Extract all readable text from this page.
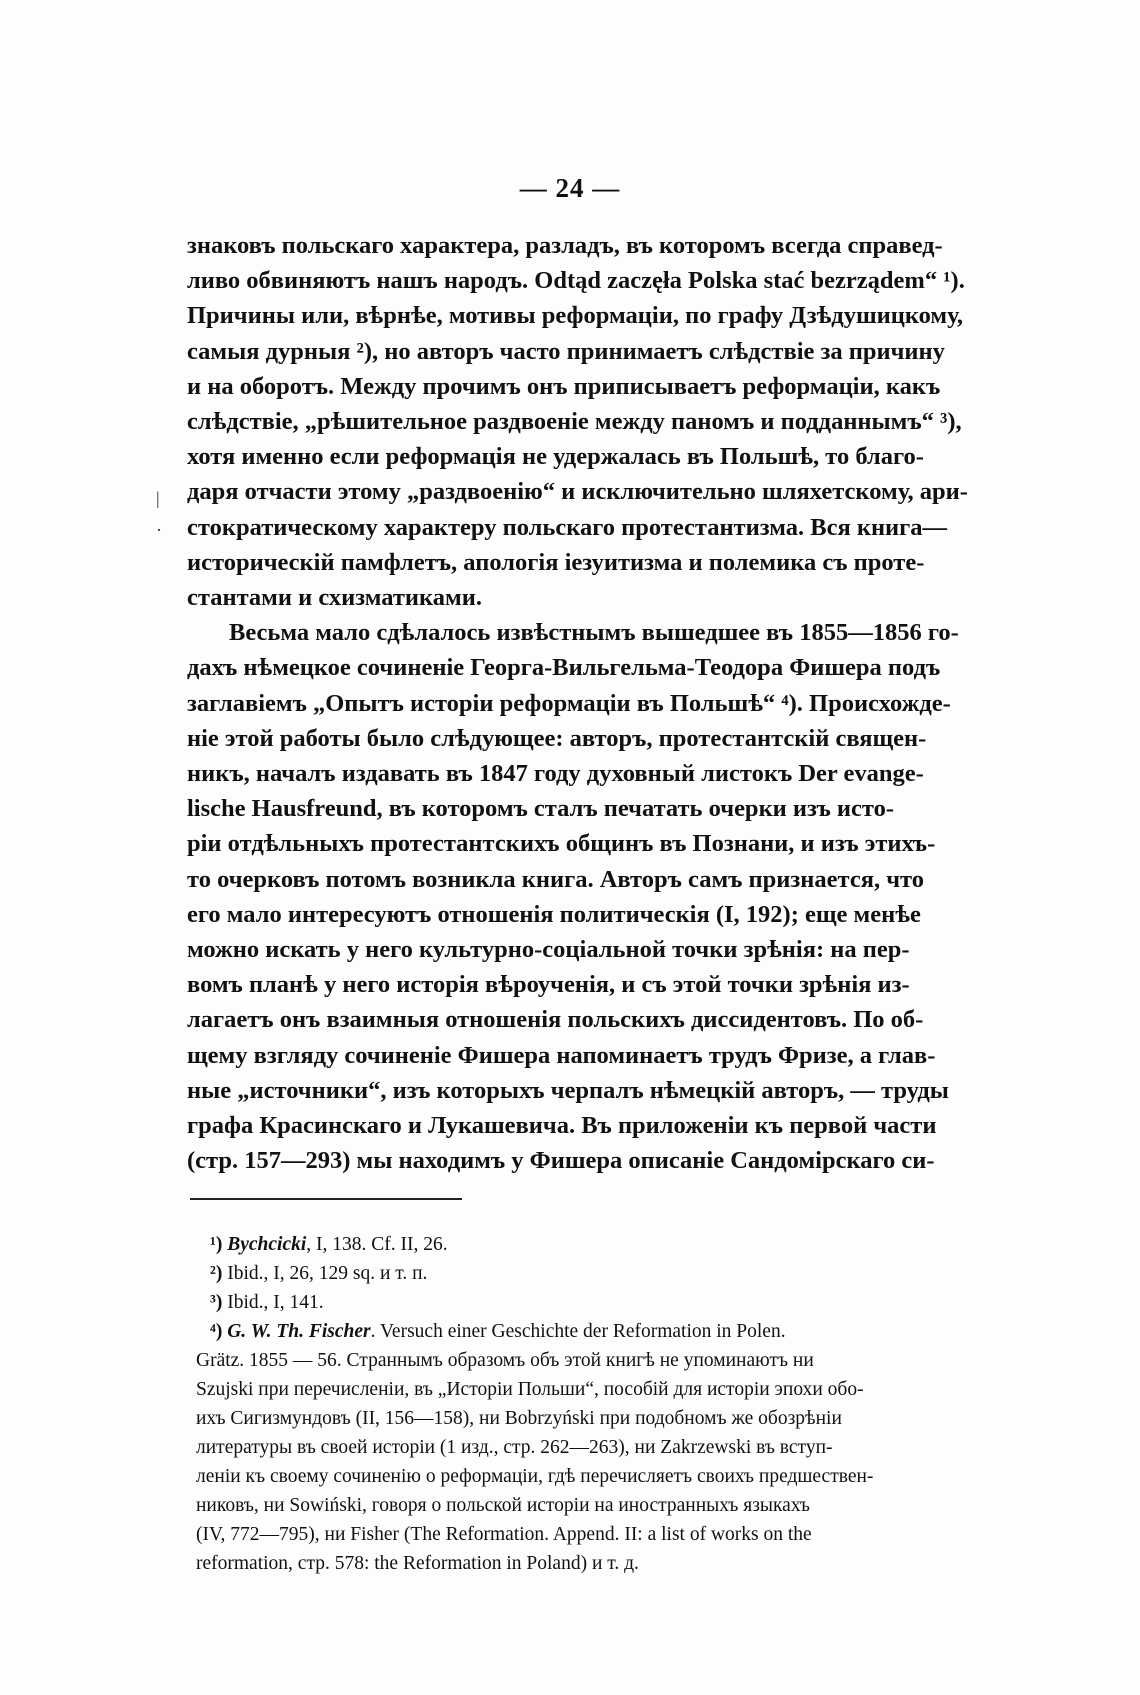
— 24 —
|
·

знаковъ польскаго характера, разладъ, въ которомъ всегда справед-
ливо обвиняютъ нашъ народъ. Odtąd zaczęła Polska stać bezrządem“ ¹).
Причины или, вѣрнѣе, мотивы реформаціи, по графу Дзѣдушицкому,
самыя дурныя ²), но авторъ часто принимаетъ слѣдствіе за причину
и на оборотъ. Между прочимъ онъ приписываетъ реформаціи, какъ
слѣдствіе, „рѣшительное раздвоеніе между паномъ и подданнымъ“ ³),
хотя именно если реформація не удержалась въ Польшѣ, то благо-
даря отчасти этому „раздвоенію“ и исключительно шляхетскому, ари-
стократическому характеру польскаго протестантизма. Вся книга—
историческій памфлетъ, апологія іезуитизма и полемика съ проте-
стантами и схизматиками.

Весьма мало сдѣлалось извѣстнымъ вышедшее въ 1855—1856 го-
дахъ нѣмецкое сочиненіе Георга-Вильгельма-Теодора Фишера подъ
заглавіемъ „Опытъ исторіи реформаціи въ Польшѣ“ ⁴). Происхожде-
ніе этой работы было слѣдующее: авторъ, протестантскій священ-
никъ, началъ издавать въ 1847 году духовный листокъ Der evange-
lische Hausfreund, въ которомъ сталъ печатать очерки изъ исто-
ріи отдѣльныхъ протестантскихъ общинъ въ Познани, и изъ этихъ-
то очерковъ потомъ возникла книга. Авторъ самъ признается, что
его мало интересуютъ отношенія политическія (I, 192); еще менѣе
можно искать у него культурно-соціальной точки зрѣнія: на пер-
вомъ планѣ у него исторія вѣроученія, и съ этой точки зрѣнія из-
лагаетъ онъ взаимныя отношенія польскихъ диссидентовъ. По об-
щему взгляду сочиненіе Фишера напоминаетъ трудъ Фризе, а глав-
ные „источники“, изъ которыхъ черпалъ нѣмецкій авторъ, — труды
графа Красинскаго и Лукашевича. Въ приложеніи къ первой части
(стр. 157—293) мы находимъ у Фишера описаніе Сандомірскаго си-

¹) Bychcicki, I, 138. Cf. II, 26.
²) Ibid., I, 26, 129 sq. и т. п.
³) Ibid., I, 141.
⁴) G. W. Th. Fischer. Versuch einer Geschichte der Reformation in Polen.
Grätz. 1855 — 56. Страннымъ образомъ объ этой книгѣ не упоминаютъ ни
Szujski при перечисленіи, въ „Исторіи Польши“, пособій для исторіи эпохи обо-
ихъ Сигизмундовъ (II, 156—158), ни Bobrzyński при подобномъ же обозрѣніи
литературы въ своей исторіи (1 изд., стр. 262—263), ни Zakrzewski въ вступ-
леніи къ своему сочиненію о реформаціи, гдѣ перечисляетъ своихъ предшествен-
никовъ, ни Sowiński, говоря о польской исторіи на иностранныхъ языкахъ
(IV, 772—795), ни Fisher (The Reformation. Append. II: a list of works on the
reformation, стр. 578: the Reformation in Poland) и т. д.
